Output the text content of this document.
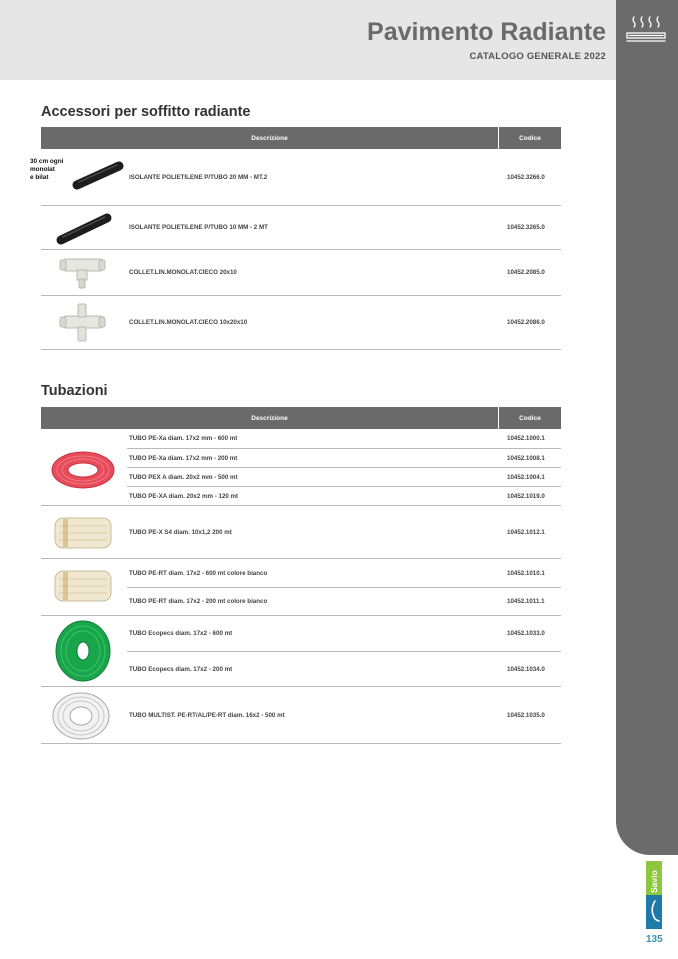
Pavimento Radiante
CATALOGO GENERALE 2022
Accessori per soffitto radiante
Descrizione	Codice
30 cm ogni
monolat
e bilat	ISOLANTE POLIETILENE P/TUBO 20 MM - MT.2	10452.3266.0
ISOLANTE POLIETILENE P/TUBO 10 MM - 2 MT	10452.3265.0
COLLET.LIN.MONOLAT.CIECO 20x10	10452.2085.0
COLLET.LIN.MONOLAT.CIECO 10x20x10	10452.2086.0
Tubazioni
Descrizione	Codice
TUBO PE-Xa diam. 17x2 mm - 600 mt	10452.1000.1
TUBO PE-Xa diam. 17x2 mm - 200 mt	10452.1008.1
TUBO PEX A diam. 20x2 mm - 500 mt	10452.1004.1
TUBO PE-XA diam. 20x2 mm - 120 mt	10452.1019.0
TUBO PE-X S4 diam. 10x1,2 200 mt	10452.1012.1
TUBO PE-RT diam. 17x2 - 600 mt colore bianco	10452.1010.1
TUBO PE-RT diam. 17x2 - 200 mt colore bianco	10452.1011.1
TUBO Ecopecs diam. 17x2 - 600 mt	10452.1033.0
TUBO Ecopecs diam. 17x2 - 200 mt	10452.1034.0
TUBO MULTIST. PE-RT/AL/PE-RT diam. 16x2 - 500 mt	10452.1035.0
Savio
135
